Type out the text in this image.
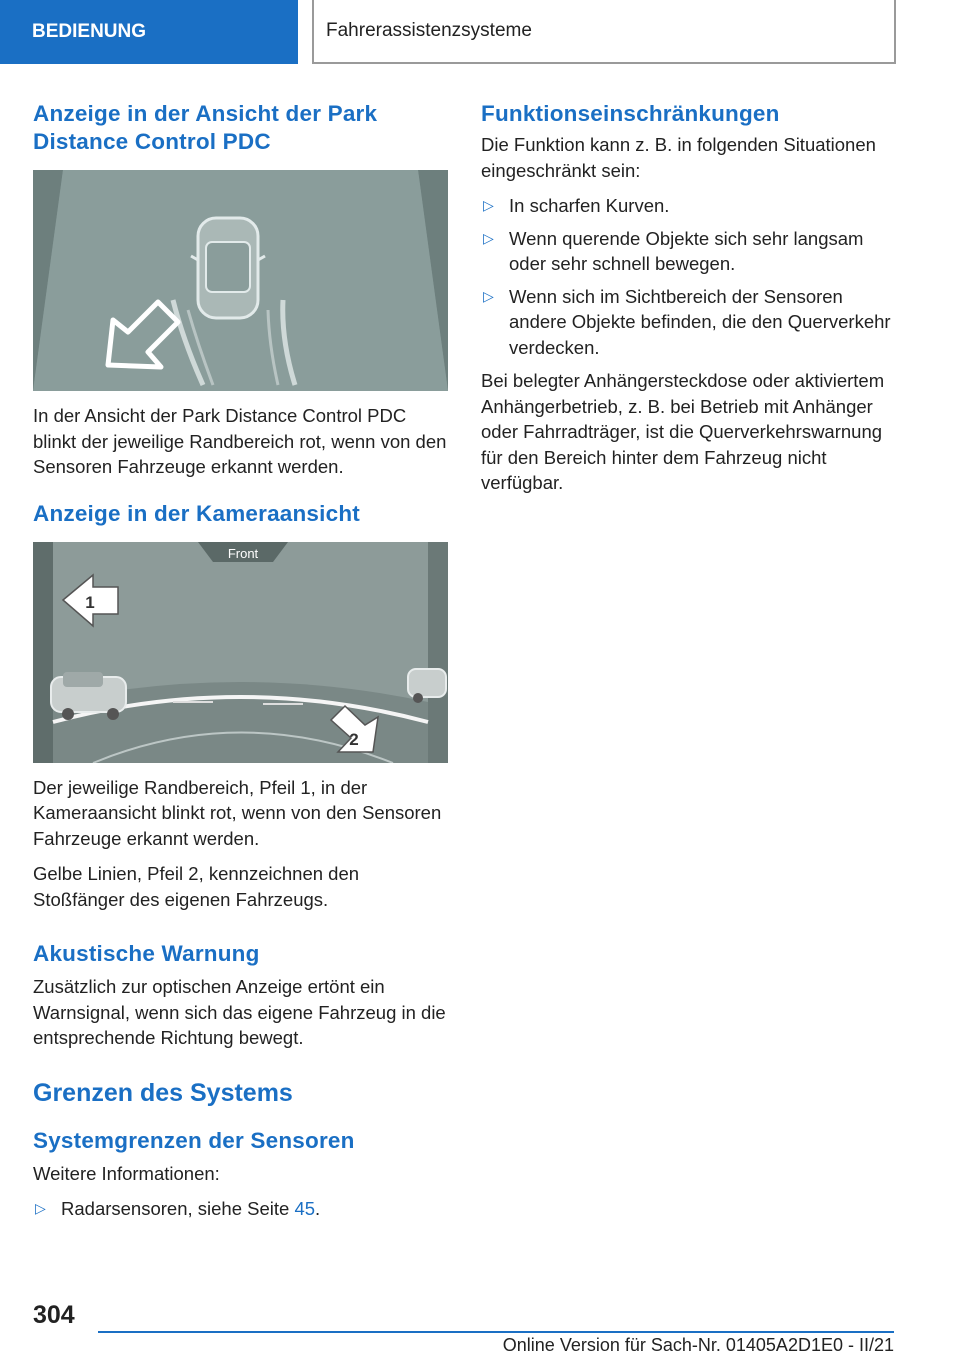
BEDIENUNG	Fahrerassistenzsysteme
Anzeige in der Ansicht der Park Distance Control PDC

In der Ansicht der Park Distance Control PDC blinkt der jeweilige Randbereich rot, wenn von den Sensoren Fahrzeuge erkannt werden.

Anzeige in der Kameraansicht
Front
1
2

Der jeweilige Randbereich, Pfeil 1, in der Kameraansicht blinkt rot, wenn von den Sensoren Fahrzeuge erkannt werden.

Gelbe Linien, Pfeil 2, kennzeichnen den Stoßfänger des eigenen Fahrzeugs.

Akustische Warnung

Zusätzlich zur optischen Anzeige ertönt ein Warnsignal, wenn sich das eigene Fahrzeug in die entsprechende Richtung bewegt.

Grenzen des Systems
Systemgrenzen der Sensoren

Weitere Informationen:

▷ Radarsensoren, siehe Seite 45.
Funktionseinschränkungen

Die Funktion kann z. B. in folgenden Situationen eingeschränkt sein:

▷ In scharfen Kurven.
▷ Wenn querende Objekte sich sehr langsam oder sehr schnell bewegen.
▷ Wenn sich im Sichtbereich der Sensoren andere Objekte befinden, die den Querverkehr verdecken.

Bei belegter Anhängersteckdose oder aktiviertem Anhängerbetrieb, z. B. bei Betrieb mit Anhänger oder Fahrradträger, ist die Querverkehrswarnung für den Bereich hinter dem Fahrzeug nicht verfügbar.

304
Online Version für Sach-Nr. 01405A2D1E0 - II/21
